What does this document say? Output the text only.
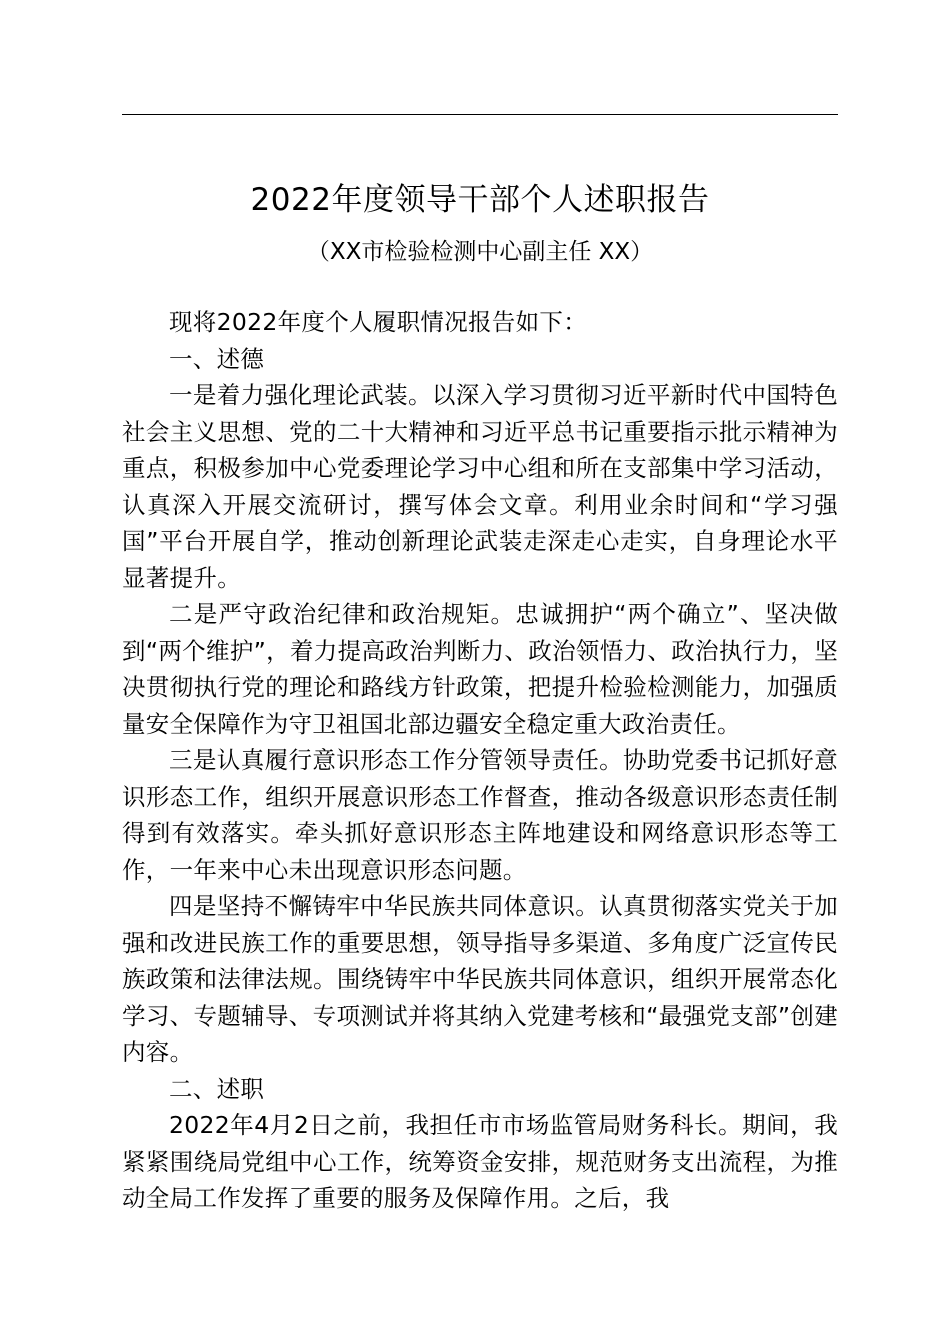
2022年度领导干部个人述职报告
（XX市检验检测中心副主任 XX）

现将2022年度个人履职情况报告如下：

一、述德

一是着力强化理论武装。以深入学习贯彻习近平新时代中国特色社会主义思想、党的二十大精神和习近平总书记重要指示批示精神为重点，积极参加中心党委理论学习中心组和所在支部集中学习活动，认真深入开展交流研讨，撰写体会文章。利用业余时间和“学习强国”平台开展自学，推动创新理论武装走深走心走实，自身理论水平显著提升。

二是严守政治纪律和政治规矩。忠诚拥护“两个确立”、坚决做到“两个维护”，着力提高政治判断力、政治领悟力、政治执行力，坚决贯彻执行党的理论和路线方针政策，把提升检验检测能力，加强质量安全保障作为守卫祖国北部边疆安全稳定重大政治责任。

三是认真履行意识形态工作分管领导责任。协助党委书记抓好意识形态工作，组织开展意识形态工作督查，推动各级意识形态责任制得到有效落实。牵头抓好意识形态主阵地建设和网络意识形态等工作，一年来中心未出现意识形态问题。

四是坚持不懈铸牢中华民族共同体意识。认真贯彻落实党关于加强和改进民族工作的重要思想，领导指导多渠道、多角度广泛宣传民族政策和法律法规。围绕铸牢中华民族共同体意识，组织开展常态化学习、专题辅导、专项测试并将其纳入党建考核和“最强党支部”创建内容。

二、述职

2022年4月2日之前，我担任市市场监管局财务科长。期间，我紧紧围绕局党组中心工作，统筹资金安排，规范财务支出流程，为推动全局工作发挥了重要的服务及保障作用。之后，我
